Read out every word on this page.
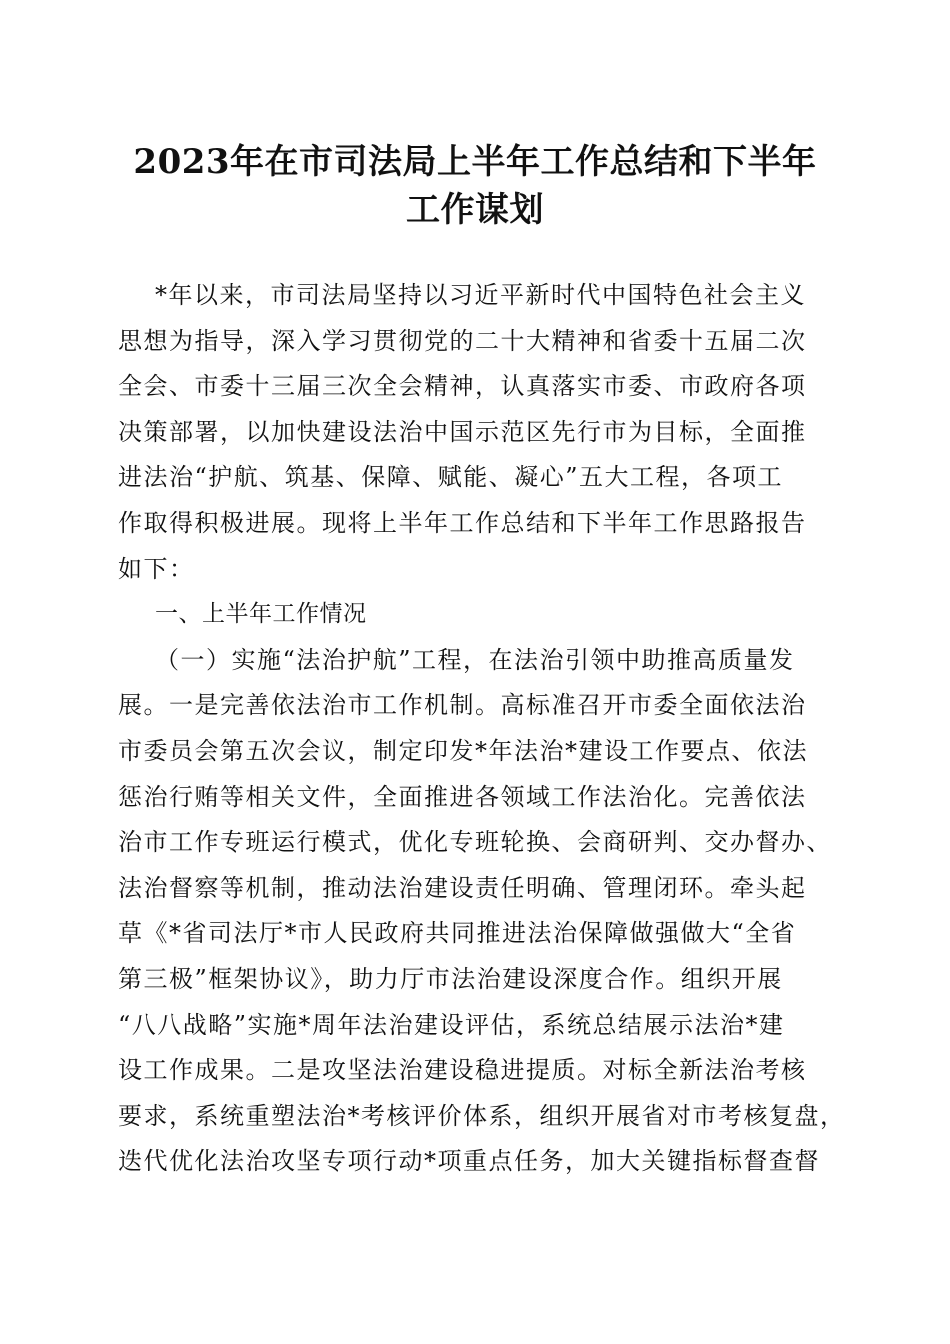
2023年在市司法局上半年工作总结和下半年
工作谋划
*年以来，市司法局坚持以习近平新时代中国特色社会主义
思想为指导，深入学习贯彻党的二十大精神和省委十五届二次
全会、市委十三届三次全会精神，认真落实市委、市政府各项
决策部署，以加快建设法治中国示范区先行市为目标，全面推
进法治“护航、筑基、保障、赋能、凝心”五大工程，各项工
作取得积极进展。现将上半年工作总结和下半年工作思路报告
如下：
一、上半年工作情况
（一）实施“法治护航”工程，在法治引领中助推高质量发
展。一是完善依法治市工作机制。高标准召开市委全面依法治
市委员会第五次会议，制定印发*年法治*建设工作要点、依法
惩治行贿等相关文件，全面推进各领域工作法治化。完善依法
治市工作专班运行模式，优化专班轮换、会商研判、交办督办、
法治督察等机制，推动法治建设责任明确、管理闭环。牵头起
草《*省司法厅*市人民政府共同推进法治保障做强做大“全省
第三极”框架协议》，助力厅市法治建设深度合作。组织开展
“八八战略”实施*周年法治建设评估，系统总结展示法治*建
设工作成果。二是攻坚法治建设稳进提质。对标全新法治考核
要求，系统重塑法治*考核评价体系，组织开展省对市考核复盘，
迭代优化法治攻坚专项行动*项重点任务，加大关键指标督查督
